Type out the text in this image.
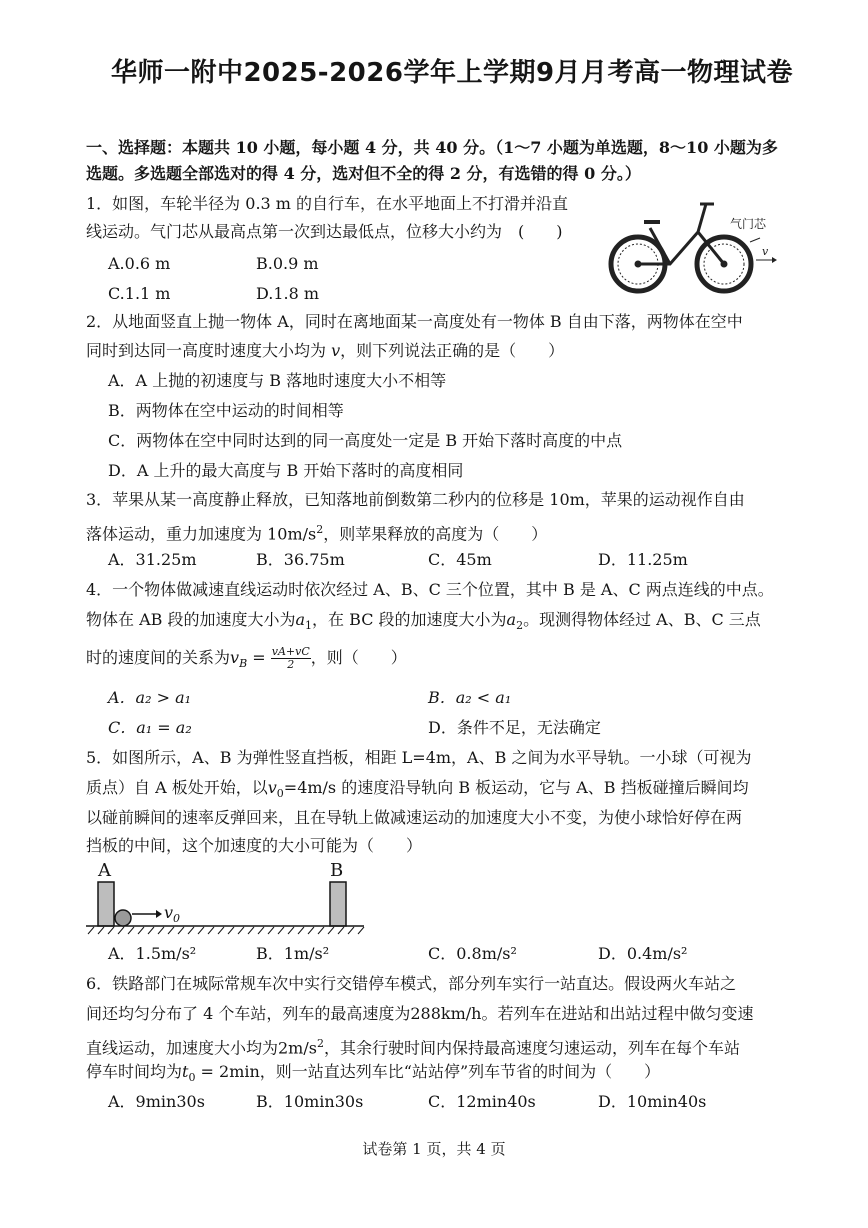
华师一附中2025-2026学年上学期9月月考高一物理试卷
一、选择题：本题共 10 小题，每小题 4 分，共 40 分。（1～7 小题为单选题，8～10 小题为多
选题。多选题全部选对的得 4 分，选对但不全的得 2 分，有选错的得 0 分。）
1．如图，车轮半径为 0.3 m 的自行车，在水平地面上不打滑并沿直
线运动。气门芯从最高点第一次到达最低点，位移大小约为　(　　)
A.0.6 m	B.0.9 m
C.1.1 m	D.1.8 m
气门芯
v
2．从地面竖直上抛一物体 A，同时在离地面某一高度处有一物体 B 自由下落，两物体在空中
同时到达同一高度时速度大小均为 v，则下列说法正确的是（　　）
A．A 上抛的初速度与 B 落地时速度大小不相等
B．两物体在空中运动的时间相等
C．两物体在空中同时达到的同一高度处一定是 B 开始下落时高度的中点
D．A 上升的最大高度与 B 开始下落时的高度相同
3．苹果从某一高度静止释放，已知落地前倒数第二秒内的位移是 10m，苹果的运动视作自由
落体运动，重力加速度为 $10m/s^2$，则苹果释放的高度为（　　）
A．31.25m	B．36.75m	C．45m	D．11.25m
4．一个物体做减速直线运动时依次经过 A、B、C 三个位置，其中 B 是 A、C 两点连线的中点。
物体在 AB 段的加速度大小为$a_1$，在 BC 段的加速度大小为$a_2$。现测得物体经过 A、B、C 三点
时的速度间的关系为$v_B = \frac{vA+vC}{2}$ ，则（　　）
A．a₂ > a₁	B．a₂ < a₁
C．a₁ = a₂	D．条件不足，无法确定
5．如图所示，A、B 为弹性竖直挡板，相距 L=4m，A、B 之间为水平导轨。一小球（可视为
质点）自 A 板处开始，以$v_0=4m/s$ 的速度沿导轨向 B 板运动，它与 A、B 挡板碰撞后瞬间均
以碰前瞬间的速率反弹回来，且在导轨上做减速运动的加速度大小不变，为使小球恰好停在两
挡板的中间，这个加速度的大小可能为（　　）
A	B
$v_0$
A．1.5m/s²	B．1m/s²	C．0.8m/s²	D．0.4m/s²
6．铁路部门在城际常规车次中实行交错停车模式，部分列车实行一站直达。假设两火车站之
间还均匀分布了 4 个车站，列车的最高速度为288km/h。若列车在进站和出站过程中做匀变速
直线运动，加速度大小均为$2m/s^2$，其余行驶时间内保持最高速度匀速运动，列车在每个车站
停车时间均为$t_0 = 2\min$，则一站直达列车比“站站停”列车节省的时间为（　　）
A．9min30s	B．10min30s	C．12min40s	D．10min40s
试卷第 1 页，共 4 页
